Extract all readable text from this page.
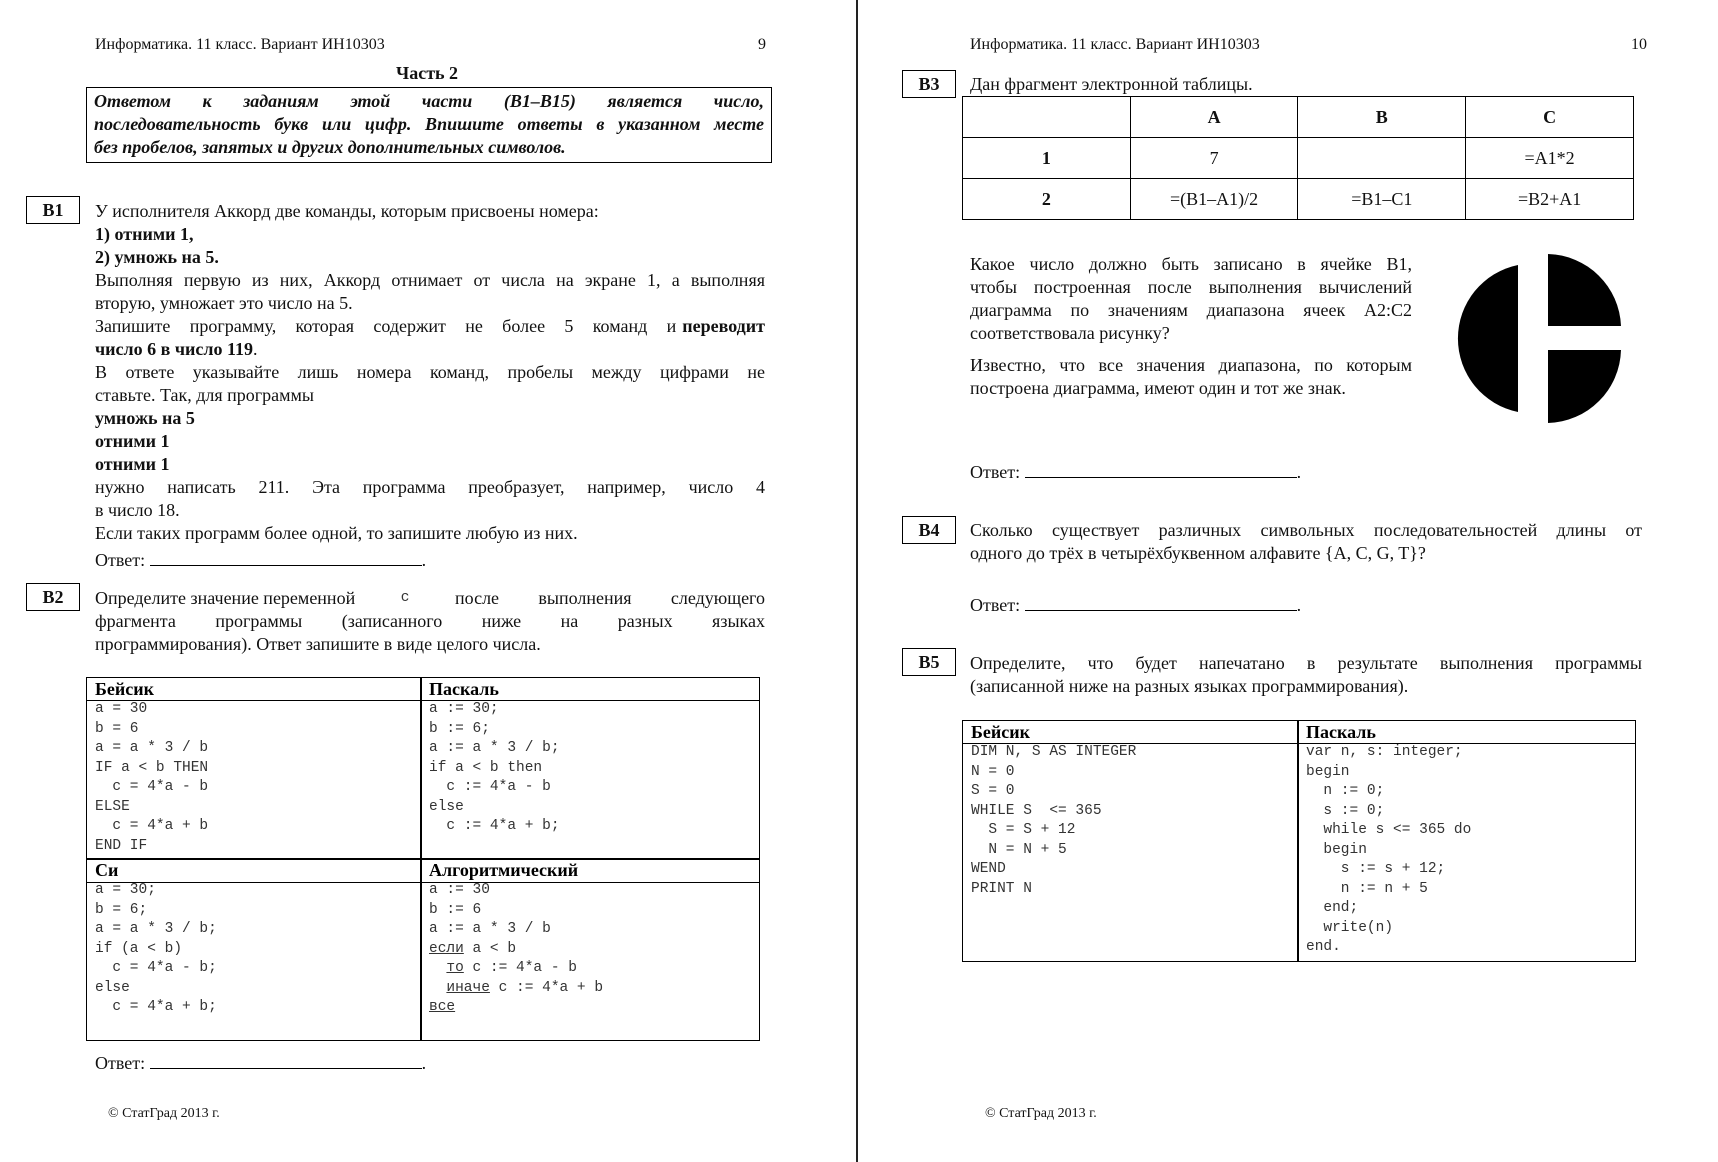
Информатика. 11 класс. Вариант ИН10303	9
Часть 2
Ответом к заданиям этой части (В1–В15) является число,
последовательность букв или цифр. Впишите ответы в указанном месте
без пробелов, запятых и других дополнительных символов.
В1	У исполнителя Аккорд две команды, которым присвоены номера:
1) отними 1,
2) умножь на 5.
Выполняя первую из них, Аккорд отнимает от числа на экране 1, а выполняя
вторую, умножает это число на 5.
Запишите программу, которая содержит не более 5 команд и переводит
число 6 в число 119.
В ответе указывайте лишь номера команд, пробелы между цифрами не
ставьте. Так, для программы
умножь на 5
отними 1
отними 1
нужно написать 211. Эта программа преобразует, например, число 4
в число 18.
Если таких программ более одной, то запишите любую из них.
Ответ:	.
В2	Определите значение переменной	c	после выполнения следующего
фрагмента программы (записанного ниже на разных языках
программирования). Ответ запишите в виде целого числа.
Бейсик
a = 30
b = 6
a = a * 3 / b
IF a < b THEN
c = 4*a - b
ELSE
c = 4*a + b
END IF
Паскаль
a := 30;
b := 6;
a := a * 3 / b;
if a < b then
c := 4*a - b
else
c := 4*a + b;
Си
a = 30;
b = 6;
a = a * 3 / b;
if (a < b)
c = 4*a - b;
else
c = 4*a + b;
Алгоритмический
a := 30
b := 6
a := a * 3 / b
если a < b
то c := 4*a - b
иначе c := 4*a + b
все
Ответ:	.
© СтатГрад 2013 г.
Информатика. 11 класс. Вариант ИН10303	10
В3	Дан фрагмент электронной таблицы.
	A	B	C
1	7		=A1*2
2	=(B1–A1)/2	=B1–C1	=B2+A1
Какое число должно быть записано в ячейке B1,
чтобы построенная после выполнения вычислений
диаграмма по значениям диапазона ячеек A2:C2
соответствовала рисунку?
Известно, что все значения диапазона, по которым
построена диаграмма, имеют один и тот же знак.
Ответ:	.
В4	Сколько существует различных символьных последовательностей длины от
одного до трёх в четырёхбуквенном алфавите {A, C, G, T}?
Ответ:	.
В5	Определите, что будет напечатано в результате выполнения программы
(записанной ниже на разных языках программирования).
Бейсик
DIM N, S AS INTEGER
N = 0
S = 0
WHILE S  <= 365
S = S + 12
N = N + 5
WEND
PRINT N
Паскаль
var n, s: integer;
begin
n := 0;
s := 0;
while s <= 365 do
begin
s := s + 12;
n := n + 5
end;
write(n)
end.
© СтатГрад 2013 г.
